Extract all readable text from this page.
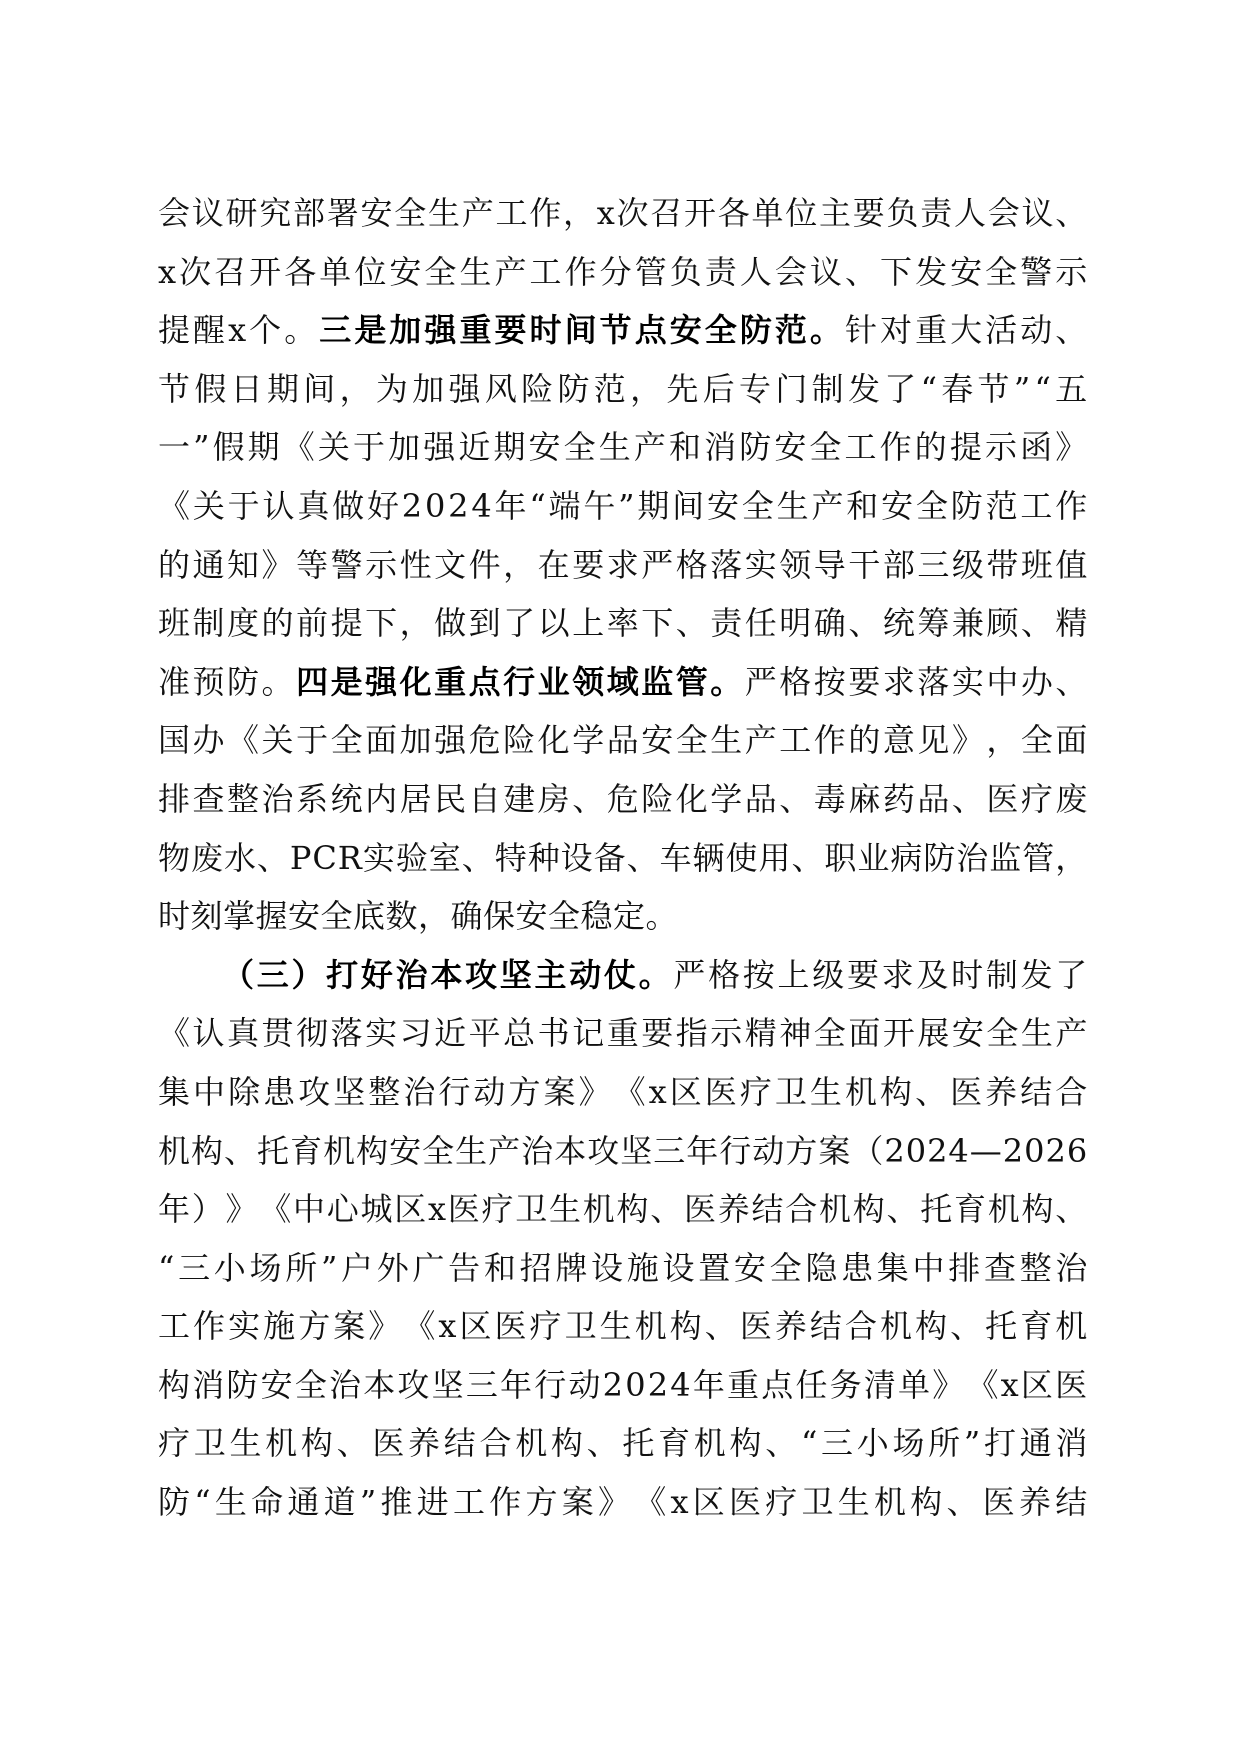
会 议 研 究 部 署 安 全 生 产 工 作 ， x 次 召 开 各 单 位 主 要 负 责 人 会 议 、
x 次 召 开 各 单 位 安 全 生 产 工 作 分 管 负 责 人 会 议 、 下 发 安 全 警 示
提 醒 x 个 。 三 是 加 强 重 要 时 间 节 点 安 全 防 范 。 针 对 重 大 活 动 、
节 假 日 期 间 ， 为 加 强 风 险 防 范 ， 先 后 专 门 制 发 了 “ 春 节 ” “ 五
一 ” 假 期 《 关 于 加 强 近 期 安 全 生 产 和 消 防 安 全 工 作 的 提 示 函 》
《 关 于 认 真 做 好 2 0 2 4 年 “ 端 午 ” 期 间 安 全 生 产 和 安 全 防 范 工 作
的 通 知 》 等 警 示 性 文 件 ， 在 要 求 严 格 落 实 领 导 干 部 三 级 带 班 值
班 制 度 的 前 提 下 ， 做 到 了 以 上 率 下 、 责 任 明 确 、 统 筹 兼 顾 、 精
准 预 防 。 四 是 强 化 重 点 行 业 领 域 监 管 。 严 格 按 要 求 落 实 中 办 、
国 办 《 关 于 全 面 加 强 危 险 化 学 品 安 全 生 产 工 作 的 意 见 》 ， 全 面
排 查 整 治 系 统 内 居 民 自 建 房 、 危 险 化 学 品 、 毒 麻 药 品 、 医 疗 废
物 废 水 、 P C R 实 验 室 、 特 种 设 备 、 车 辆 使 用 、 职 业 病 防 治 监 管 ，
时刻掌握安全底数，确保安全稳定。
（ 三 ） 打 好 治 本 攻 坚 主 动 仗 。 严 格 按 上 级 要 求 及 时 制 发 了
《 认 真 贯 彻 落 实 习 近 平 总 书 记 重 要 指 示 精 神 全 面 开 展 安 全 生 产
集 中 除 患 攻 坚 整 治 行 动 方 案 》 《 x 区 医 疗 卫 生 机 构 、 医 养 结 合
机 构 、 托 育 机 构 安 全 生 产 治 本 攻 坚 三 年 行 动 方 案 （ 2 0 2 4 — 2 0 2 6
年 ） 》 《 中 心 城 区 x 医 疗 卫 生 机 构 、 医 养 结 合 机 构 、 托 育 机 构 、
“ 三 小 场 所 ” 户 外 广 告 和 招 牌 设 施 设 置 安 全 隐 患 集 中 排 查 整 治
工 作 实 施 方 案 》 《 x 区 医 疗 卫 生 机 构 、 医 养 结 合 机 构 、 托 育 机
构 消 防 安 全 治 本 攻 坚 三 年 行 动 2 0 2 4 年 重 点 任 务 清 单 》 《 x 区 医
疗 卫 生 机 构 、 医 养 结 合 机 构 、 托 育 机 构 、 “ 三 小 场 所 ” 打 通 消
防 “ 生 命 通 道 ” 推 进 工 作 方 案 》 《 x 区 医 疗 卫 生 机 构 、 医 养 结
